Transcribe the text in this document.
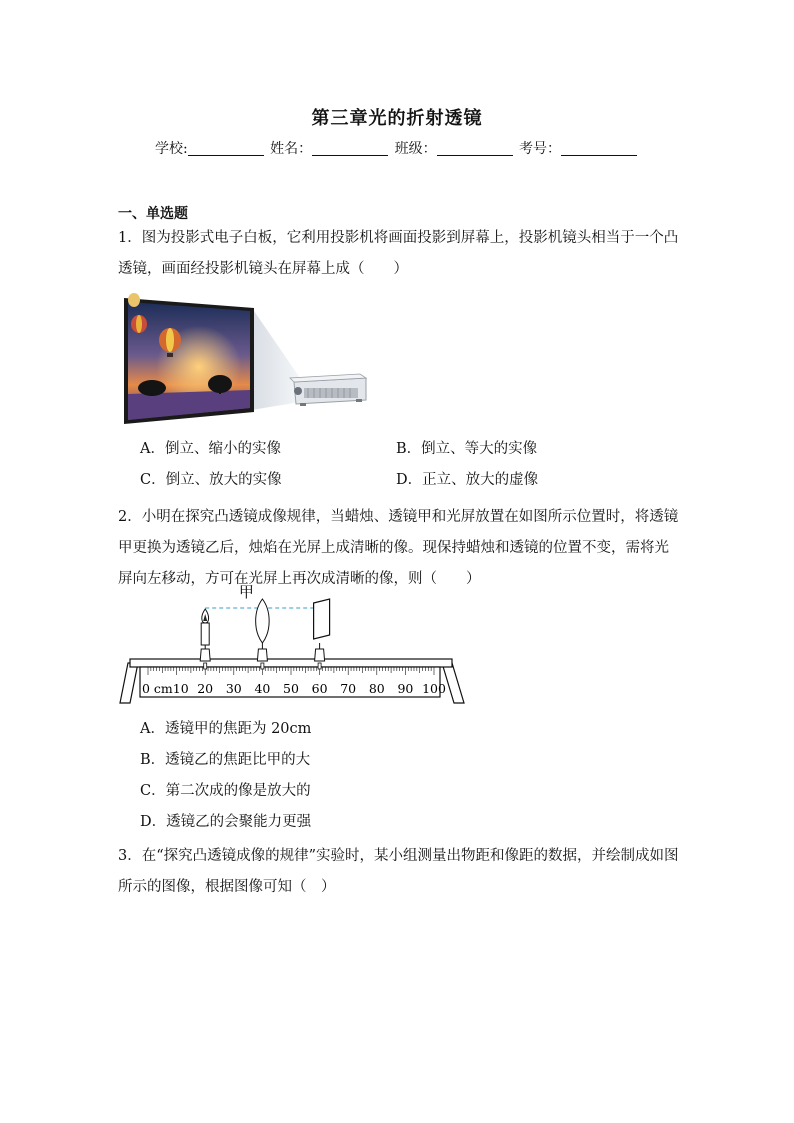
第三章光的折射透镜
学校:	姓名：	班级：	考号：
一、单选题
1．图为投影式电子白板，它利用投影机将画面投影到屏幕上，投影机镜头相当于一个凸透镜，画面经投影机镜头在屏幕上成（　　）
A．倒立、缩小的实像	B．倒立、等大的实像
C．倒立、放大的实像	D．正立、放大的虚像
2．小明在探究凸透镜成像规律，当蜡烛、透镜甲和光屏放置在如图所示位置时，将透镜甲更换为透镜乙后，烛焰在光屏上成清晰的像。现保持蜡烛和透镜的位置不变，需将光屏向左移动，方可在光屏上再次成清晰的像，则（　　）
0 cm10 20 30 40 50 60 70 80 90 100
甲
A．透镜甲的焦距为 20cm
B．透镜乙的焦距比甲的大
C．第二次成的像是放大的
D．透镜乙的会聚能力更强
3．在“探究凸透镜成像的规律”实验时，某小组测量出物距和像距的数据，并绘制成如图所示的图像，根据图像可知（　）
